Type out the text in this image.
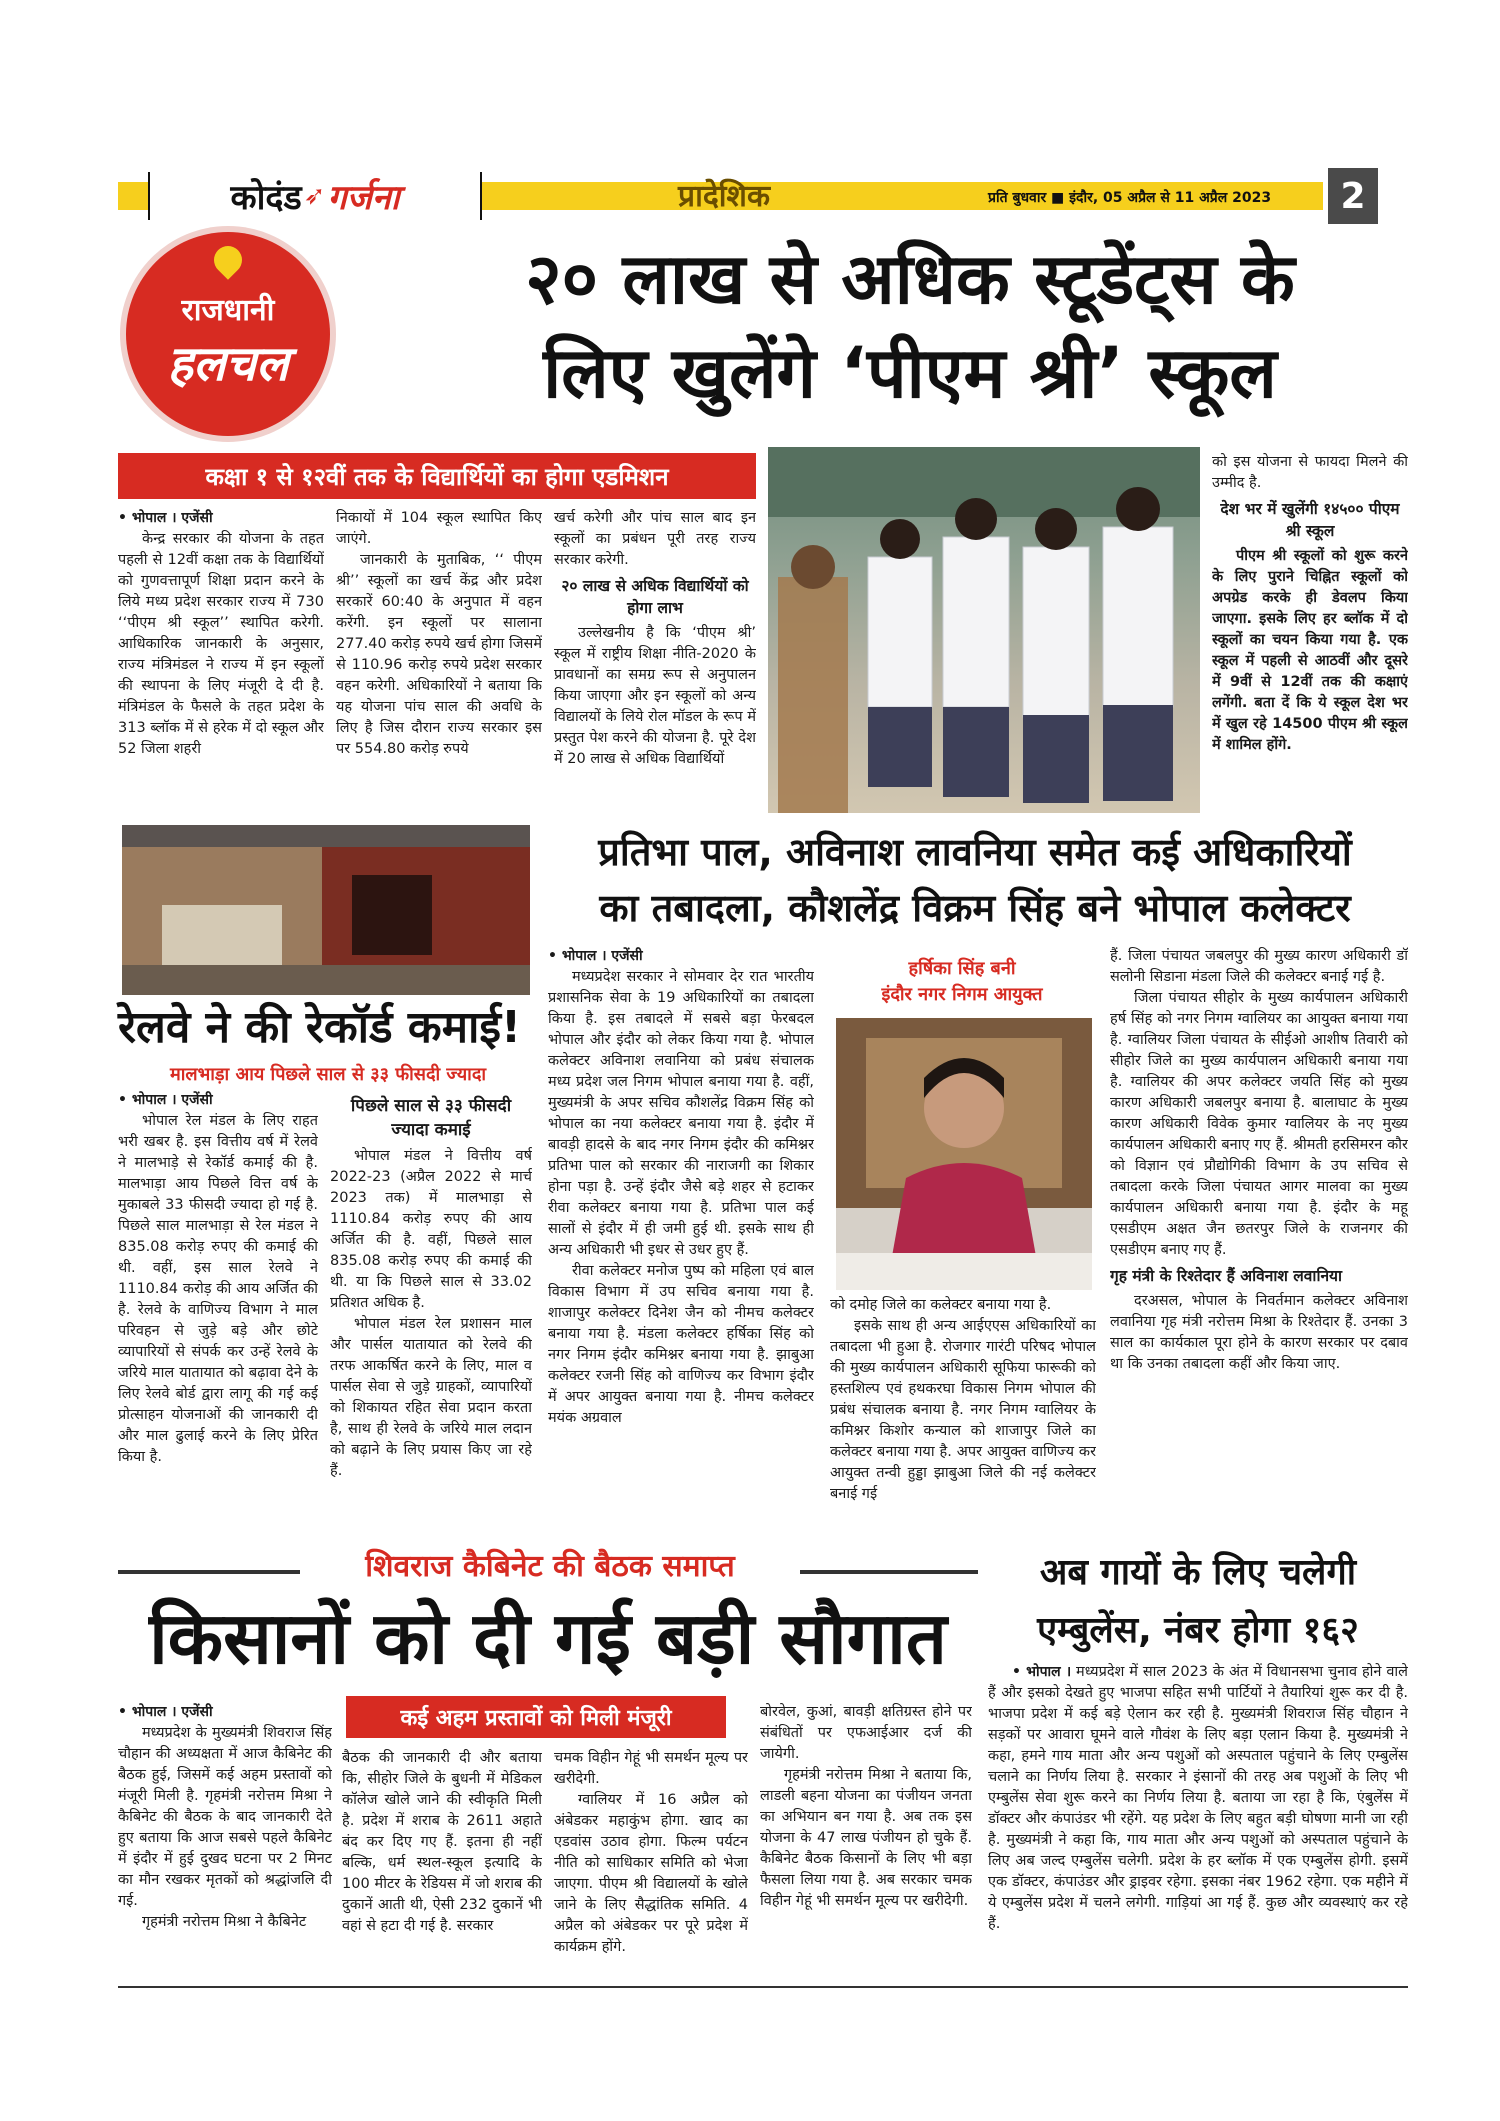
कोदंड ➶ गर्जना	प्रादेशिक	प्रति बुधवार ■ इंदौर, 05 अप्रैल से 11 अप्रैल 2023	2
राजधानी
हलचल
२० लाख से अधिक स्टूडेंट्स के
लिए खुलेंगे ‘पीएम श्री’ स्कूल
कक्षा १ से १२वीं तक के विद्यार्थियों का होगा एडमिशन
• भोपाल । एजेंसी

केन्द्र सरकार की योजना के तहत पहली से 12वीं कक्षा तक के विद्यार्थियों को गुणवत्तापूर्ण शिक्षा प्रदान करने के लिये मध्य प्रदेश सरकार राज्य में 730 ‘‘पीएम श्री स्कूल’’ स्थापित करेगी. आधिकारिक जानकारी के अनुसार, राज्य मंत्रिमंडल ने राज्य में इन स्कूलों की स्थापना के लिए मंजूरी दे दी है. मंत्रिमंडल के फैसले के तहत प्रदेश के 313 ब्लॉक में से हरेक में दो स्कूल और 52 जिला शहरी

निकायों में 104 स्कूल स्थापित किए जाएंगे.

जानकारी के मुताबिक, ‘‘ पीएम श्री’’ स्कूलों का खर्च केंद्र और प्रदेश सरकारें 60:40 के अनुपात में वहन करेंगी. इन स्कूलों पर सालाना 277.40 करोड़ रुपये खर्च होगा जिसमें से 110.96 करोड़ रुपये प्रदेश सरकार वहन करेगी. अधिकारियों ने बताया कि यह योजना पांच साल की अवधि के लिए है जिस दौरान राज्य सरकार इस पर 554.80 करोड़ रुपये

खर्च करेगी और पांच साल बाद इन स्कूलों का प्रबंधन पूरी तरह राज्य सरकार करेगी.

२० लाख से अधिक विद्यार्थियों को होगा लाभ

उल्लेखनीय है कि ‘पीएम श्री’ स्कूल में राष्ट्रीय शिक्षा नीति-2020 के प्रावधानों का समग्र रूप से अनुपालन किया जाएगा और इन स्कूलों को अन्य विद्यालयों के लिये रोल मॉडल के रूप में प्रस्तुत पेश करने की योजना है. पूरे देश में 20 लाख से अधिक विद्यार्थियों

को इस योजना से फायदा मिलने की उम्मीद है.

देश भर में खुलेंगी १४५०० पीएम श्री स्कूल

पीएम श्री स्कूलों को शुरू करने के लिए पुराने चिह्नित स्कूलों को अपग्रेड करके ही डेवलप किया जाएगा. इसके लिए हर ब्लॉक में दो स्कूलों का चयन किया गया है. एक स्कूल में पहली से आठवीं और दूसरे में 9वीं से 12वीं तक की कक्षाएं लगेंगी. बता दें कि ये स्कूल देश भर में खुल रहे 14500 पीएम श्री स्कूल में शामिल होंगे.

रेलवे ने की रेकॉर्ड कमाई!
मालभाड़ा आय पिछले साल से ३३ फीसदी ज्यादा
• भोपाल । एजेंसी

भोपाल रेल मंडल के लिए राहत भरी खबर है. इस वित्तीय वर्ष में रेलवे ने मालभाड़े से रेकॉर्ड कमाई की है. मालभाड़ा आय पिछले वित्त वर्ष के मुकाबले 33 फीसदी ज्यादा हो गई है. पिछले साल मालभाड़ा से रेल मंडल ने 835.08 करोड़ रुपए की कमाई की थी. वहीं, इस साल रेलवे ने 1110.84 करोड़ की आय अर्जित की है. रेलवे के वाणिज्य विभाग ने माल परिवहन से जुड़े बड़े और छोटे व्यापारियों से संपर्क कर उन्हें रेलवे के जरिये माल यातायात को बढ़ावा देने के लिए रेलवे बोर्ड द्वारा लागू की गई कई प्रोत्साहन योजनाओं की जानकारी दी और माल ढुलाई करने के लिए प्रेरित किया है.

पिछले साल से ३३ फीसदी ज्यादा कमाई

भोपाल मंडल ने वित्तीय वर्ष 2022-23 (अप्रैल 2022 से मार्च 2023 तक) में मालभाड़ा से 1110.84 करोड़ रुपए की आय अर्जित की है. वहीं, पिछले साल 835.08 करोड़ रुपए की कमाई की थी. या कि पिछले साल से 33.02 प्रतिशत अधिक है.

भोपाल मंडल रेल प्रशासन माल और पार्सल यातायात को रेलवे की तरफ आकर्षित करने के लिए, माल व पार्सल सेवा से जुड़े ग्राहकों, व्यापारियों को शिकायत रहित सेवा प्रदान करता है, साथ ही रेलवे के जरिये माल लदान को बढ़ाने के लिए प्रयास किए जा रहे हैं.

प्रतिभा पाल, अविनाश लावनिया समेत कई अधिकारियों
का तबादला, कौशलेंद्र विक्रम सिंह बने भोपाल कलेक्टर
• भोपाल । एजेंसी

मध्यप्रदेश सरकार ने सोमवार देर रात भारतीय प्रशासनिक सेवा के 19 अधिकारियों का तबादला किया है. इस तबादले में सबसे बड़ा फेरबदल भोपाल और इंदौर को लेकर किया गया है. भोपाल कलेक्टर अविनाश लवानिया को प्रबंध संचालक मध्य प्रदेश जल निगम भोपाल बनाया गया है. वहीं, मुख्यमंत्री के अपर सचिव कौशलेंद्र विक्रम सिंह को भोपाल का नया कलेक्टर बनाया गया है. इंदौर में बावड़ी हादसे के बाद नगर निगम इंदौर की कमिश्नर प्रतिभा पाल को सरकार की नाराजगी का शिकार होना पड़ा है. उन्हें इंदौर जैसे बड़े शहर से हटाकर रीवा कलेक्टर बनाया गया है. प्रतिभा पाल कई सालों से इंदौर में ही जमी हुई थी. इसके साथ ही अन्य अधिकारी भी इधर से उधर हुए हैं.

रीवा कलेक्टर मनोज पुष्प को महिला एवं बाल विकास विभाग में उप सचिव बनाया गया है. शाजापुर कलेक्टर दिनेश जैन को नीमच कलेक्टर बनाया गया है. मंडला कलेक्टर हर्षिका सिंह को नगर निगम इंदौर कमिश्नर बनाया गया है. झाबुआ कलेक्टर रजनी सिंह को वाणिज्य कर विभाग इंदौर में अपर आयुक्त बनाया गया है. नीमच कलेक्टर मयंक अग्रवाल

हर्षिका सिंह बनी
इंदौर नगर निगम आयुक्त

को दमोह जिले का कलेक्टर बनाया गया है.

इसके साथ ही अन्य आईएएस अधिकारियों का तबादला भी हुआ है. रोजगार गारंटी परिषद भोपाल की मुख्य कार्यपालन अधिकारी सूफिया फारूकी को हस्तशिल्प एवं हथकरघा विकास निगम भोपाल की प्रबंध संचालक बनाया है. नगर निगम ग्वालियर के कमिश्नर किशोर कन्याल को शाजापुर जिले का कलेक्टर बनाया गया है. अपर आयुक्त वाणिज्य कर आयुक्त तन्वी हुड्डा झाबुआ जिले की नई कलेक्टर बनाई गई

हैं. जिला पंचायत जबलपुर की मुख्य कारण अधिकारी डॉ सलोनी सिडाना मंडला जिले की कलेक्टर बनाई गई है.

जिला पंचायत सीहोर के मुख्य कार्यपालन अधिकारी हर्ष सिंह को नगर निगम ग्वालियर का आयुक्त बनाया गया है. ग्वालियर जिला पंचायत के सीईओ आशीष तिवारी को सीहोर जिले का मुख्य कार्यपालन अधिकारी बनाया गया है. ग्वालियर की अपर कलेक्टर जयति सिंह को मुख्य कारण अधिकारी जबलपुर बनाया है. बालाघाट के मुख्य कारण अधिकारी विवेक कुमार ग्वालियर के नए मुख्य कार्यपालन अधिकारी बनाए गए हैं. श्रीमती हरसिमरन कौर को विज्ञान एवं प्रौद्योगिकी विभाग के उप सचिव से तबादला करके जिला पंचायत आगर मालवा का मुख्य कार्यपालन अधिकारी बनाया गया है. इंदौर के महू एसडीएम अक्षत जैन छतरपुर जिले के राजनगर की एसडीएम बनाए गए हैं.

गृह मंत्री के रिश्तेदार हैं अविनाश लवानिया

दरअसल, भोपाल के निवर्तमान कलेक्टर अविनाश लवानिया गृह मंत्री नरोत्तम मिश्रा के रिश्तेदार हैं. उनका 3 साल का कार्यकाल पूरा होने के कारण सरकार पर दबाव था कि उनका तबादला कहीं और किया जाए.

शिवराज कैबिनेट की बैठक समाप्त
किसानों को दी गई बड़ी सौगात
कई अहम प्रस्तावों को मिली मंजूरी
• भोपाल । एजेंसी

मध्यप्रदेश के मुख्यमंत्री शिवराज सिंह चौहान की अध्यक्षता में आज कैबिनेट की बैठक हुई, जिसमें कई अहम प्रस्तावों को मंजूरी मिली है. गृहमंत्री नरोत्तम मिश्रा ने कैबिनेट की बैठक के बाद जानकारी देते हुए बताया कि आज सबसे पहले कैबिनेट में इंदौर में हुई दुखद घटना पर 2 मिनट का मौन रखकर मृतकों को श्रद्धांजलि दी गई.

गृहमंत्री नरोत्तम मिश्रा ने कैबिनेट

बैठक की जानकारी दी और बताया कि, सीहोर जिले के बुधनी में मेडिकल कॉलेज खोले जाने की स्वीकृति मिली है. प्रदेश में शराब के 2611 अहाते बंद कर दिए गए हैं. इतना ही नहीं बल्कि, धर्म स्थल-स्कूल इत्यादि के 100 मीटर के रेडियस में जो शराब की दुकानें आती थी, ऐसी 232 दुकानें भी वहां से हटा दी गई है. सरकार

चमक विहीन गेहूं भी समर्थन मूल्य पर खरीदेगी.

ग्वालियर में 16 अप्रैल को अंबेडकर महाकुंभ होगा. खाद का एडवांस उठाव होगा. फिल्म पर्यटन नीति को साधिकार समिति को भेजा जाएगा. पीएम श्री विद्यालयों के खोले जाने के लिए सैद्धांतिक समिति. 4 अप्रैल को अंबेडकर पर पूरे प्रदेश में कार्यक्रम होंगे.

बोरवेल, कुआं, बावड़ी क्षतिग्रस्त होने पर संबंधितों पर एफआईआर दर्ज की जायेगी.

गृहमंत्री नरोत्तम मिश्रा ने बताया कि, लाडली बहना योजना का पंजीयन जनता का अभियान बन गया है. अब तक इस योजना के 47 लाख पंजीयन हो चुके हैं. कैबिनेट बैठक किसानों के लिए भी बड़ा फैसला लिया गया है. अब सरकार चमक विहीन गेहूं भी समर्थन मूल्य पर खरीदेगी.

अब गायों के लिए चलेगी
एम्बुलेंस, नंबर होगा १६२

• भोपाल । मध्यप्रदेश में साल 2023 के अंत में विधानसभा चुनाव होने वाले हैं और इसको देखते हुए भाजपा सहित सभी पार्टियों ने तैयारियां शुरू कर दी है. भाजपा प्रदेश में कई बड़े ऐलान कर रही है. मुख्यमंत्री शिवराज सिंह चौहान ने सड़कों पर आवारा घूमने वाले गौवंश के लिए बड़ा एलान किया है. मुख्यमंत्री ने कहा, हमने गाय माता और अन्य पशुओं को अस्पताल पहुंचाने के लिए एम्बुलेंस चलाने का निर्णय लिया है. सरकार ने इंसानों की तरह अब पशुओं के लिए भी एम्बुलेंस सेवा शुरू करने का निर्णय लिया है. बताया जा रहा है कि, एंबुलेंस में डॉक्टर और कंपाउंडर भी रहेंगे. यह प्रदेश के लिए बहुत बड़ी घोषणा मानी जा रही है. मुख्यमंत्री ने कहा कि, गाय माता और अन्य पशुओं को अस्पताल पहुंचाने के लिए अब जल्द एम्बुलेंस चलेगी. प्रदेश के हर ब्लॉक में एक एम्बुलेंस होगी. इसमें एक डॉक्टर, कंपाउंडर और ड्राइवर रहेगा. इसका नंबर 1962 रहेगा. एक महीने में ये एम्बुलेंस प्रदेश में चलने लगेगी. गाड़ियां आ गई हैं. कुछ और व्यवस्थाएं कर रहे हैं.
